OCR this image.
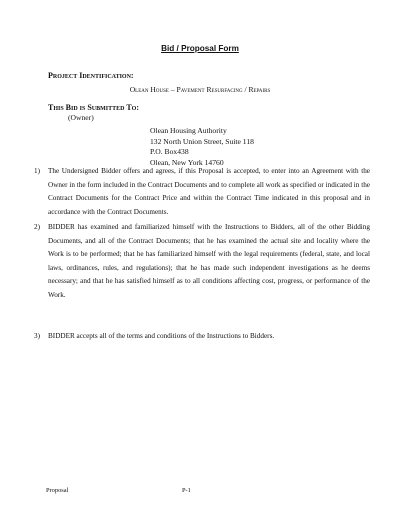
Bid / Proposal Form
Project Identification:
Olean House – Pavement Resurfacing / Repairs
This Bid is Submitted To:
(Owner)
Olean Housing Authority
132 North Union Street, Suite 118
P.O. Box438
Olean, New York 14760
1) The Undersigned Bidder offers and agrees, if this Proposal is accepted, to enter into an Agreement with the Owner in the form included in the Contract Documents and to complete all work as specified or indicated in the Contract Documents for the Contract Price and within the Contract Time indicated in this proposal and in accordance with the Contract Documents.
2) BIDDER has examined and familiarized himself with the Instructions to Bidders, all of the other Bidding Documents, and all of the Contract Documents; that he has examined the actual site and locality where the Work is to be performed; that he has familiarized himself with the legal requirements (federal, state, and local laws, ordinances, rules, and regulations); that he has made such independent investigations as he deems necessary; and that he has satisfied himself as to all conditions affecting cost, progress, or performance of the Work.
3) BIDDER accepts all of the terms and conditions of the Instructions to Bidders.
Proposal	P-1
